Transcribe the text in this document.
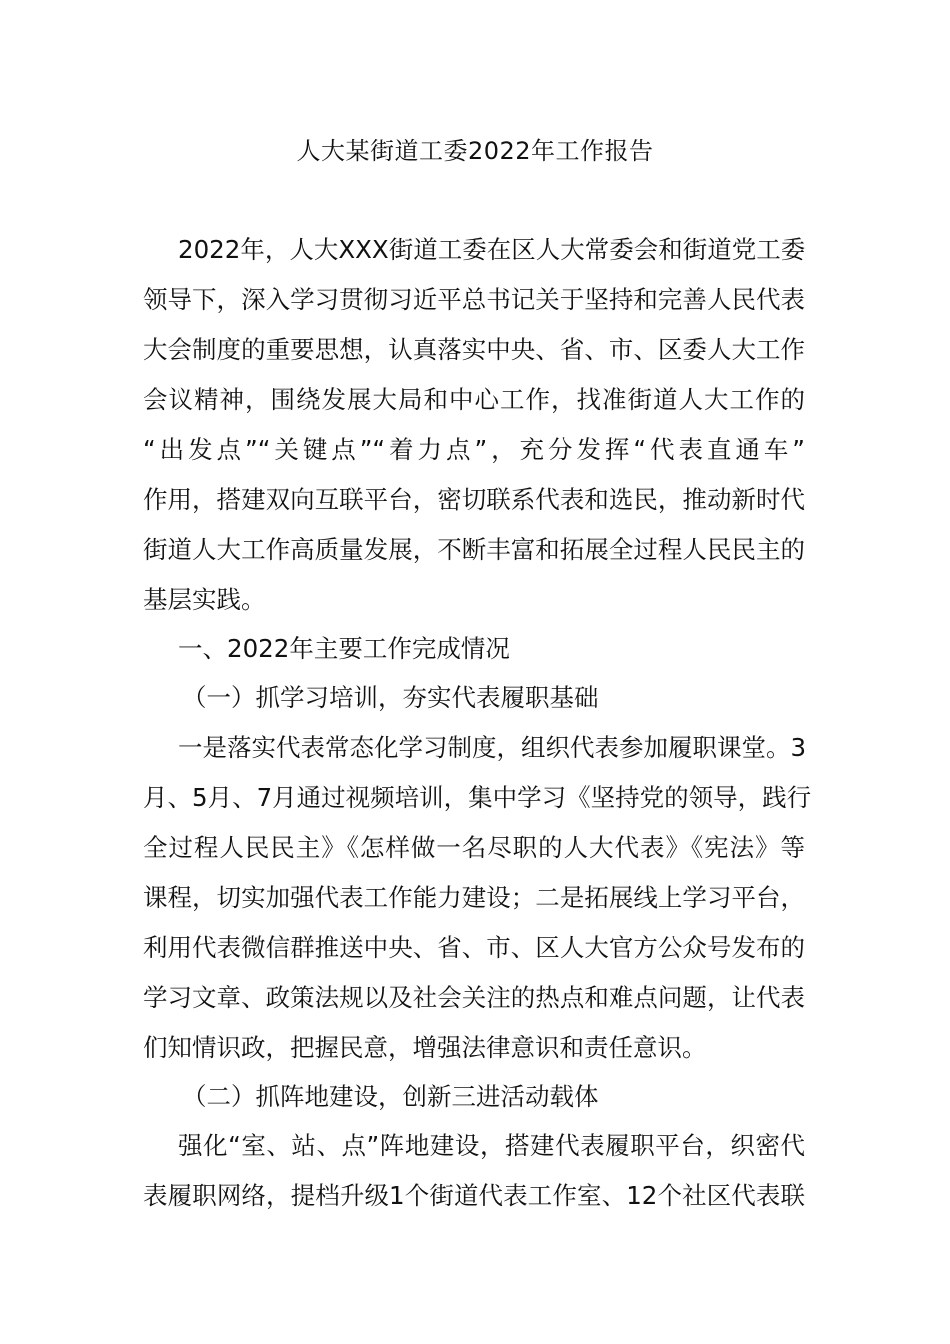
人大某街道工委2022年工作报告
2022年，人大XXX街道工委在区人大常委会和街道党工委
领导下，深入学习贯彻习近平总书记关于坚持和完善人民代表
大会制度的重要思想，认真落实中央、省、市、区委人大工作
会议精神，围绕发展大局和中心工作，找准街道人大工作的
“出发点”“关键点”“着力点”，充分发挥“代表直通车”
作用，搭建双向互联平台，密切联系代表和选民，推动新时代
街道人大工作高质量发展，不断丰富和拓展全过程人民民主的
基层实践。
一、2022年主要工作完成情况
（一）抓学习培训，夯实代表履职基础
一是落实代表常态化学习制度，组织代表参加履职课堂。3
月、5月、7月通过视频培训，集中学习《坚持党的领导，践行
全过程人民民主》《怎样做一名尽职的人大代表》《宪法》等
课程，切实加强代表工作能力建设；二是拓展线上学习平台，
利用代表微信群推送中央、省、市、区人大官方公众号发布的
学习文章、政策法规以及社会关注的热点和难点问题，让代表
们知情识政，把握民意，增强法律意识和责任意识。
（二）抓阵地建设，创新三进活动载体
强化“室、站、点”阵地建设，搭建代表履职平台，织密代
表履职网络，提档升级1个街道代表工作室、12个社区代表联
